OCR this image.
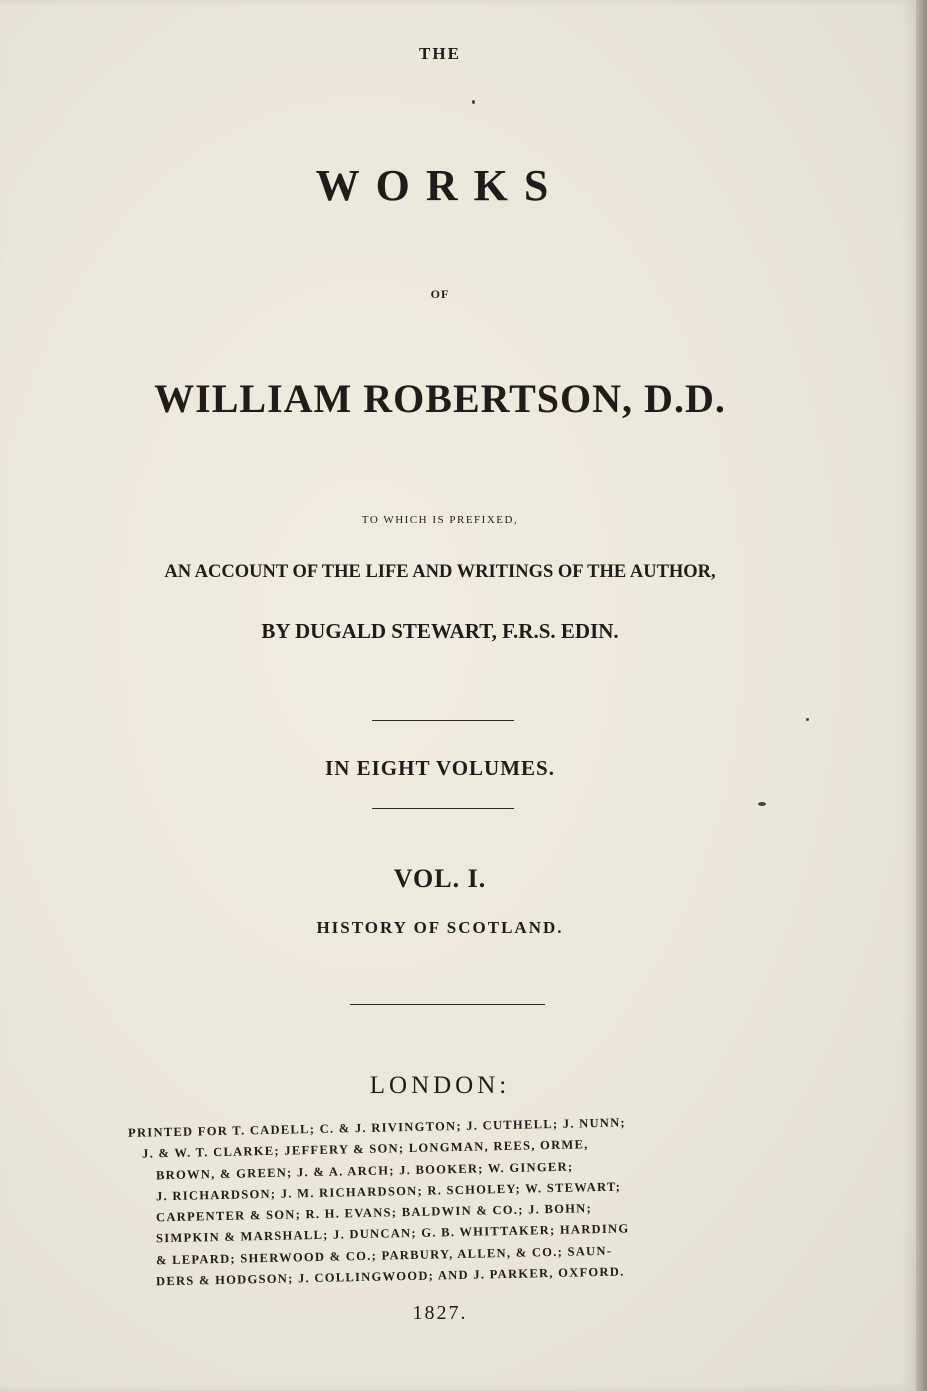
THE
WORKS
OF
WILLIAM ROBERTSON, D.D.
TO WHICH IS PREFIXED,
AN ACCOUNT OF THE LIFE AND WRITINGS OF THE AUTHOR,
BY DUGALD STEWART, F.R.S. EDIN.
IN EIGHT VOLUMES.
VOL. I.
HISTORY OF SCOTLAND.
LONDON:
PRINTED FOR T. CADELL; C. & J. RIVINGTON; J. CUTHELL; J. NUNN;
J. & W. T. CLARKE; JEFFERY & SON; LONGMAN, REES, ORME,
BROWN, & GREEN; J. & A. ARCH; J. BOOKER; W. GINGER;
J. RICHARDSON; J. M. RICHARDSON; R. SCHOLEY; W. STEWART;
CARPENTER & SON; R. H. EVANS; BALDWIN & CO.; J. BOHN;
SIMPKIN & MARSHALL; J. DUNCAN; G. B. WHITTAKER; HARDING
& LEPARD; SHERWOOD & CO.; PARBURY, ALLEN, & CO.; SAUN-
DERS & HODGSON; J. COLLINGWOOD; AND J. PARKER, OXFORD.
1827.
